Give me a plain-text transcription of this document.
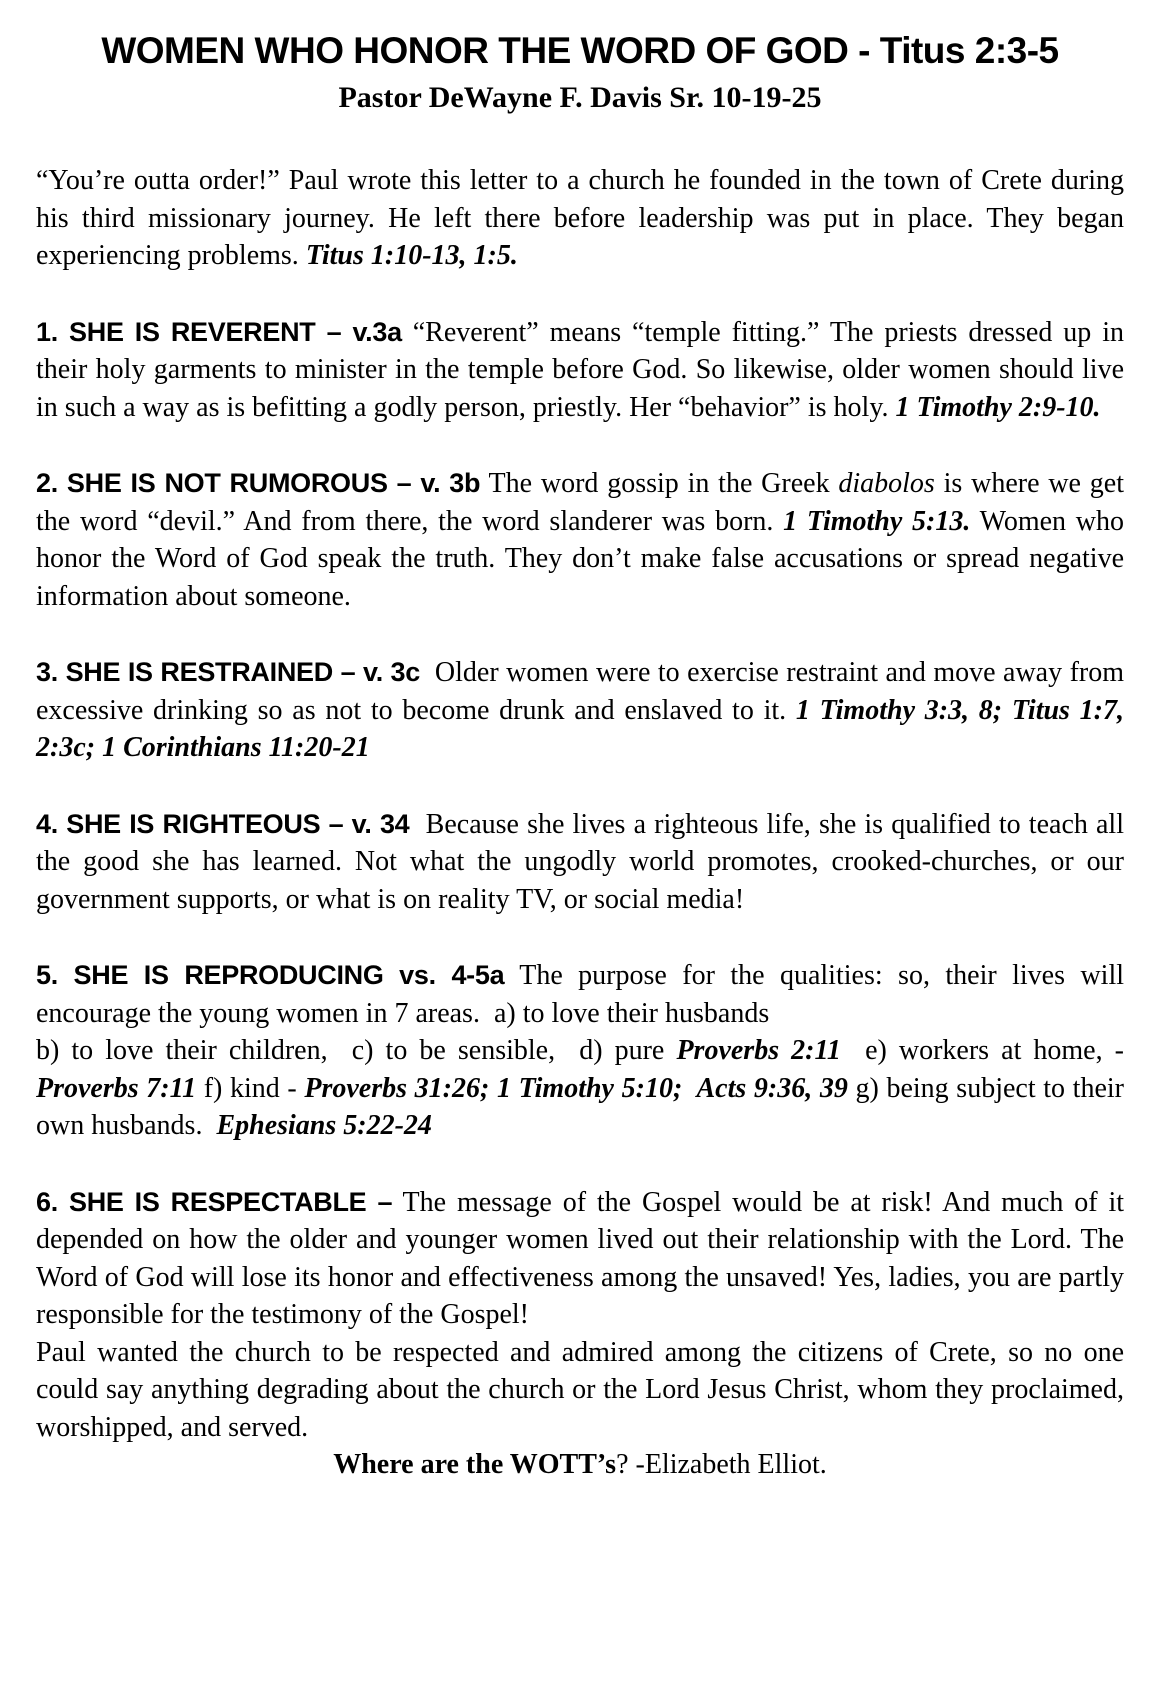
WOMEN WHO HONOR THE WORD OF GOD - Titus 2:3-5
Pastor DeWayne F. Davis Sr. 10-19-25

“You’re outta order!” Paul wrote this letter to a church he founded in the town of Crete during his third missionary journey. He left there before leadership was put in place. They began experiencing problems. Titus 1:10-13, 1:5.

1. SHE IS REVERENT – v.3a “Reverent” means “temple fitting.” The priests dressed up in their holy garments to minister in the temple before God. So likewise, older women should live in such a way as is befitting a godly person, priestly. Her “behavior” is holy. 1 Timothy 2:9-10.

2. SHE IS NOT RUMOROUS – v. 3b The word gossip in the Greek diabolos is where we get the word “devil.” And from there, the word slanderer was born. 1 Timothy 5:13. Women who honor the Word of God speak the truth. They don’t make false accusations or spread negative information about someone.

3. SHE IS RESTRAINED – v. 3c  Older women were to exercise restraint and move away from excessive drinking so as not to become drunk and enslaved to it. 1 Timothy 3:3, 8; Titus 1:7, 2:3c; 1 Corinthians 11:20-21

4. SHE IS RIGHTEOUS – v. 34  Because she lives a righteous life, she is qualified to teach all the good she has learned. Not what the ungodly world promotes, crooked-churches, or our government supports, or what is on reality TV, or social media!

5. SHE IS REPRODUCING vs. 4-5a The purpose for the qualities: so, their lives will encourage the young women in 7 areas.  a) to love their husbands
b) to love their children,  c) to be sensible,  d) pure Proverbs 2:11  e) workers at home, - Proverbs 7:11 f) kind - Proverbs 31:26; 1 Timothy 5:10;  Acts 9:36, 39 g) being subject to their own husbands.  Ephesians 5:22-24

6. SHE IS RESPECTABLE – The message of the Gospel would be at risk! And much of it depended on how the older and younger women lived out their relationship with the Lord. The Word of God will lose its honor and effectiveness among the unsaved! Yes, ladies, you are partly responsible for the testimony of the Gospel!
Paul wanted the church to be respected and admired among the citizens of Crete, so no one could say anything degrading about the church or the Lord Jesus Christ, whom they proclaimed, worshipped, and served.

Where are the WOTT’s? -Elizabeth Elliot.
